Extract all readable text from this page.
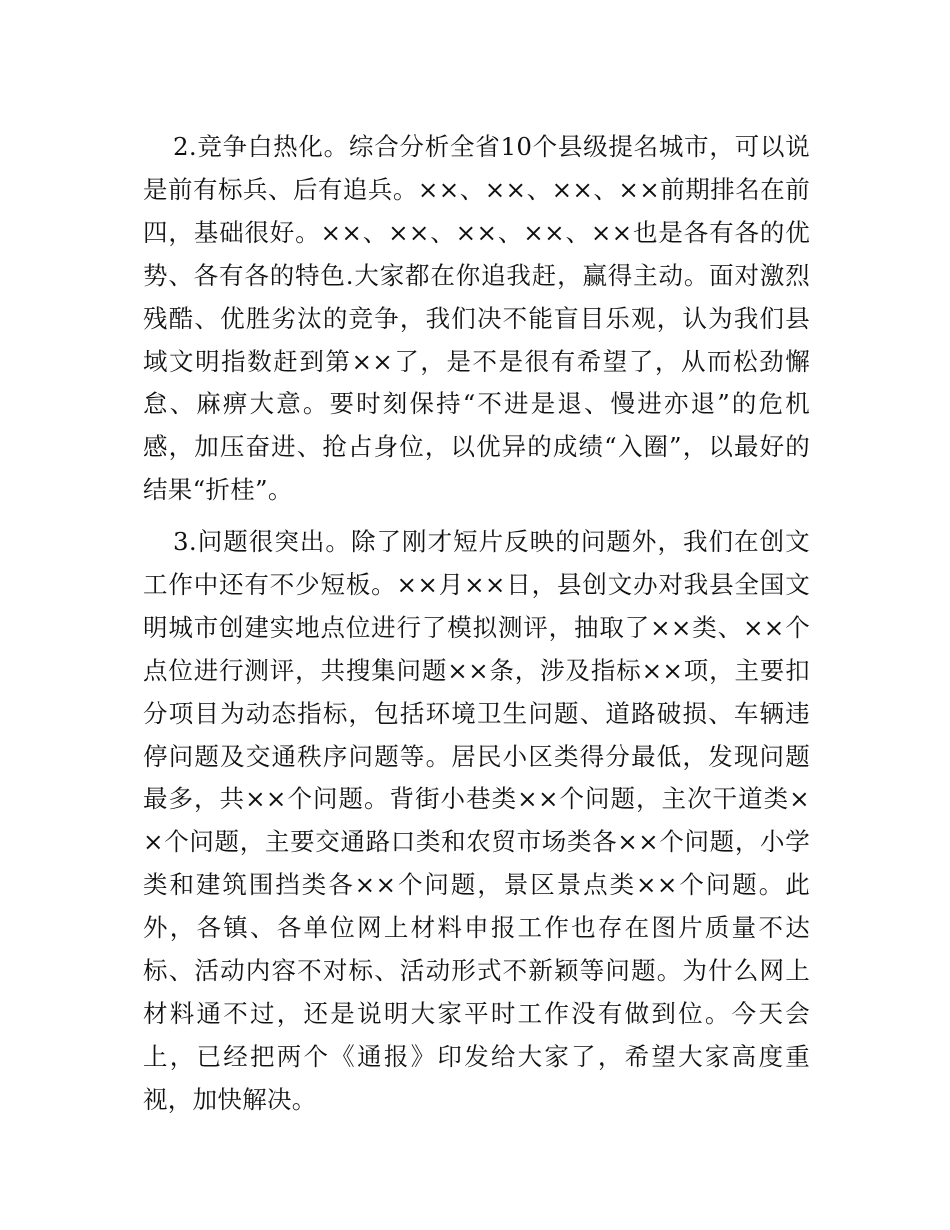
2.竞争白热化。综合分析全省10个县级提名城市，可以说是前有标兵、后有追兵。××、××、××、××前期排名在前四，基础很好。××、××、××、××、××也是各有各的优势、各有各的特色.大家都在你追我赶，赢得主动。面对激烈残酷、优胜劣汰的竞争，我们决不能盲目乐观，认为我们县域文明指数赶到第××了，是不是很有希望了，从而松劲懈怠、麻痹大意。要时刻保持“不进是退、慢进亦退”的危机感，加压奋进、抢占身位，以优异的成绩“入圈”，以最好的结果“折桂”。

3.问题很突出。除了刚才短片反映的问题外，我们在创文工作中还有不少短板。××月××日，县创文办对我县全国文明城市创建实地点位进行了模拟测评，抽取了××类、××个点位进行测评，共搜集问题××条，涉及指标××项，主要扣分项目为动态指标，包括环境卫生问题、道路破损、车辆违停问题及交通秩序问题等。居民小区类得分最低，发现问题最多，共××个问题。背街小巷类××个问题，主次干道类××个问题，主要交通路口类和农贸市场类各××个问题，小学类和建筑围挡类各××个问题，景区景点类××个问题。此外，各镇、各单位网上材料申报工作也存在图片质量不达标、活动内容不对标、活动形式不新颖等问题。为什么网上材料通不过，还是说明大家平时工作没有做到位。今天会上，已经把两个《通报》印发给大家了，希望大家高度重视，加快解决。
